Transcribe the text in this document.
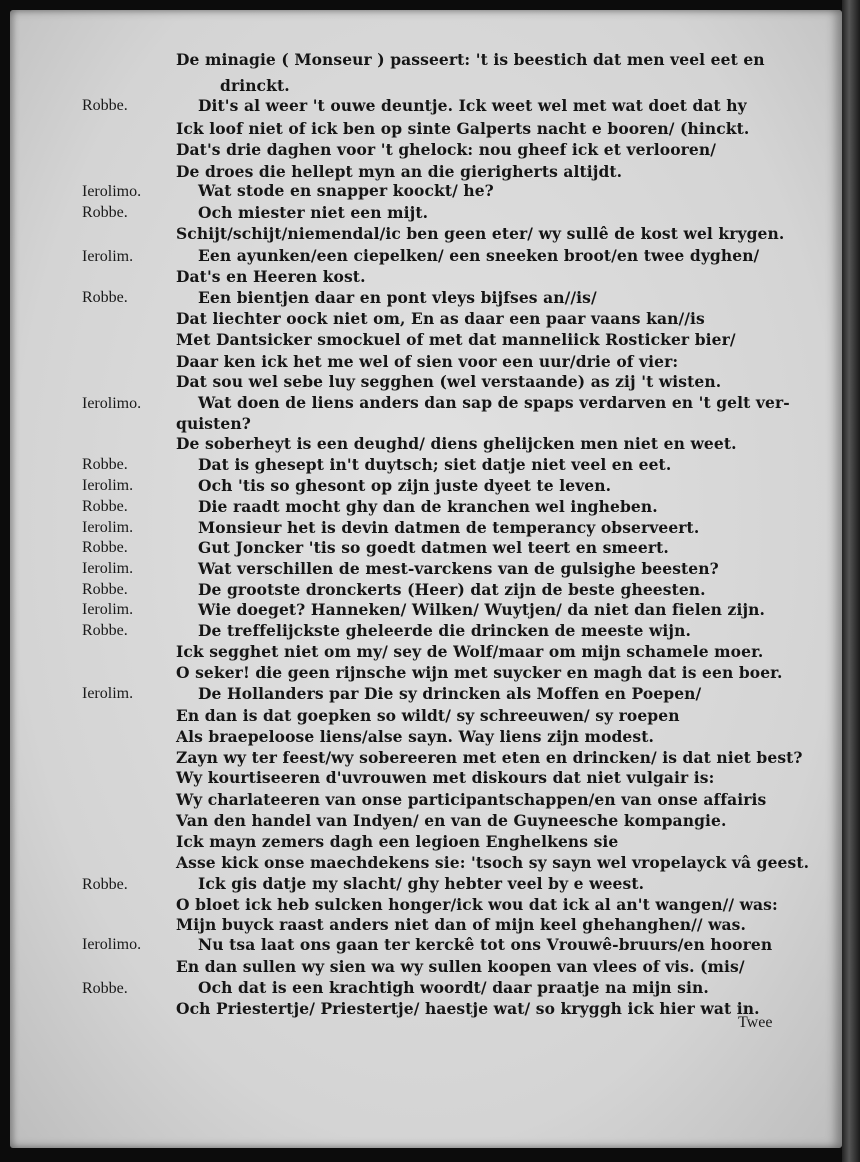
De minagie ( Monseur ) passeert: 't is beestich dat men veel eet en
drinckt.
Robbe.	Dit's al weer 't ouwe deuntje. Ick weet wel met wat doet dat hy
Ick loof niet of ick ben op sinte Galperts nacht e booren/ (hinckt.
Dat's drie daghen voor 't ghelock: nou gheef ick et verlooren/
De droes die hellept myn an die gierigherts altijdt.
Ierolimo.	Wat stode en snapper koockt/ he?
Robbe.	Och miester niet een mijt.
Schijt/schijt/niemendal/ic ben geen eter/ wy sullê de kost wel krygen.
Ierolim.	Een ayunken/een ciepelken/ een sneeken broot/en twee dyghen/
Dat's en Heeren kost.
Robbe.	Een bientjen daar en pont vleys bijfses an//is/
Dat liechter oock niet om, En as daar een paar vaans kan//is
Met Dantsicker smockuel of met dat manneliick Rosticker bier/
Daar ken ick het me wel of sien voor een uur/drie of vier:
Dat sou wel sebe luy segghen (wel verstaande) as zij 't wisten.
Ierolimo.	Wat doen de liens anders dan sap de spaps verdarven en 't gelt ver-
quisten?
De soberheyt is een deughd/ diens ghelijcken men niet en weet.
Robbe.	Dat is ghesept in't duytsch; siet datje niet veel en eet.
Ierolim.	Och 'tis so ghesont op zijn juste dyeet te leven.
Robbe.	Die raadt mocht ghy dan de kranchen wel ingheben.
Ierolim.	Monsieur het is devin datmen de temperancy observeert.
Robbe.	Gut Joncker 'tis so goedt datmen wel teert en smeert.
Ierolim.	Wat verschillen de mest-varckens van de gulsighe beesten?
Robbe.	De grootste dronckerts (Heer) dat zijn de beste gheesten.
Ierolim.	Wie doeget? Hanneken/ Wilken/ Wuytjen/ da niet dan fielen zijn.
Robbe.	De treffelijckste gheleerde die drincken de meeste wijn.
Ick segghet niet om my/ sey de Wolf/maar om mijn schamele moer.
O seker! die geen rijnsche wijn met suycker en magh dat is een boer.
Ierolim.	De Hollanders par Die sy drincken als Moffen en Poepen/
En dan is dat goepken so wildt/ sy schreeuwen/ sy roepen
Als braepeloose liens/alse sayn. Way liens zijn modest.
Zayn wy ter feest/wy sobereeren met eten en drincken/ is dat niet best?
Wy kourtiseeren d'uvrouwen met diskours dat niet vulgair is:
Wy charlateeren van onse participantschappen/en van onse affairis
Van den handel van Indyen/ en van de Guyneesche kompangie.
Ick mayn zemers dagh een legioen Enghelkens sie
Asse kick onse maechdekens sie: 'tsoch sy sayn wel vropelayck vâ geest.
Robbe.	Ick gis datje my slacht/ ghy hebter veel by e weest.
O bloet ick heb sulcken honger/ick wou dat ick al an't wangen// was:
Mijn buyck raast anders niet dan of mijn keel ghehanghen// was.
Ierolimo.	Nu tsa laat ons gaan ter kerckê tot ons Vrouwê-bruurs/en hooren
En dan sullen wy sien wa wy sullen koopen van vlees of vis. (mis/
Robbe.	Och dat is een krachtigh woordt/ daar praatje na mijn sin.
Och Priestertje/ Priestertje/ haestje wat/ so kryggh ick hier wat in.
Twee
